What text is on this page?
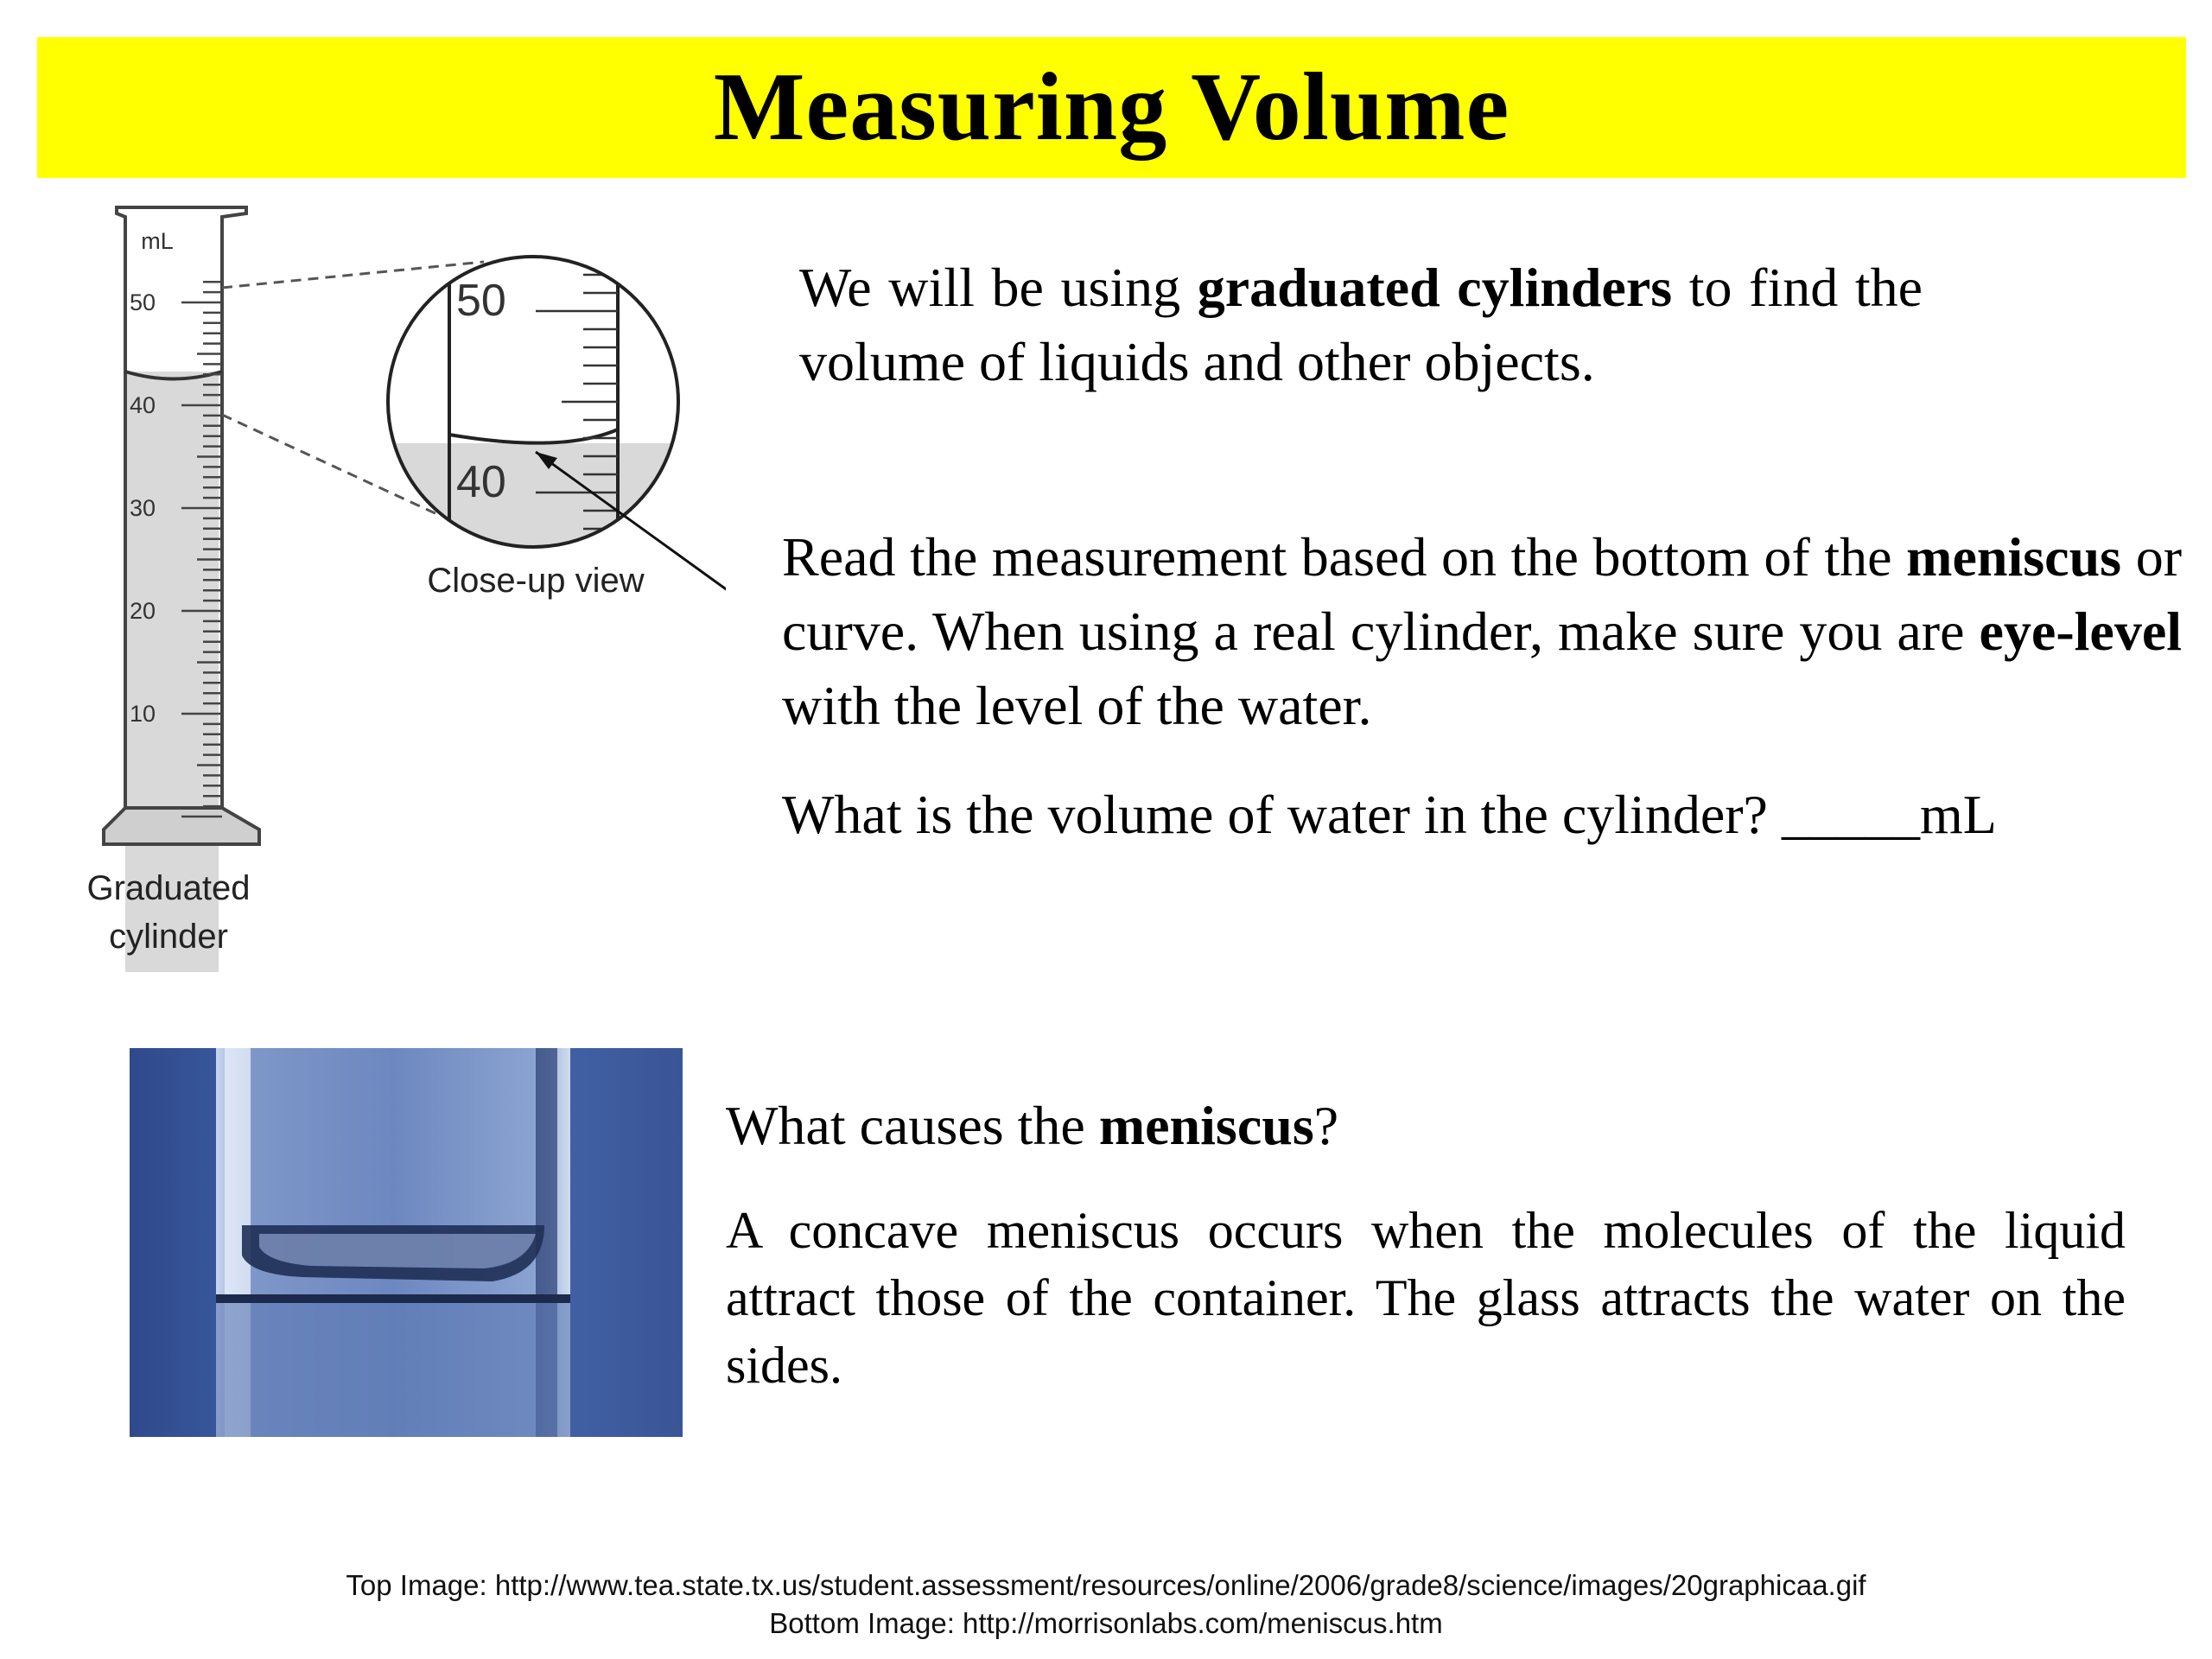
Measuring Volume
mL
50
40
30
20
10
50
40
Close-up view
Graduated
cylinder
We will be using graduated cylinders to find the volume of liquids and other objects.
Read the measurement based on the bottom of the meniscus or curve. When using a real cylinder, make sure you are eye-level with the level of the water.
What is the volume of water in the cylinder? _____mL
What causes the meniscus?
A concave meniscus occurs when the molecules of the liquid attract those of the container. The glass attracts the water on the sides.
Top Image: http://www.tea.state.tx.us/student.assessment/resources/online/2006/grade8/science/images/20graphicaa.gif
Bottom Image: http://morrisonlabs.com/meniscus.htm
